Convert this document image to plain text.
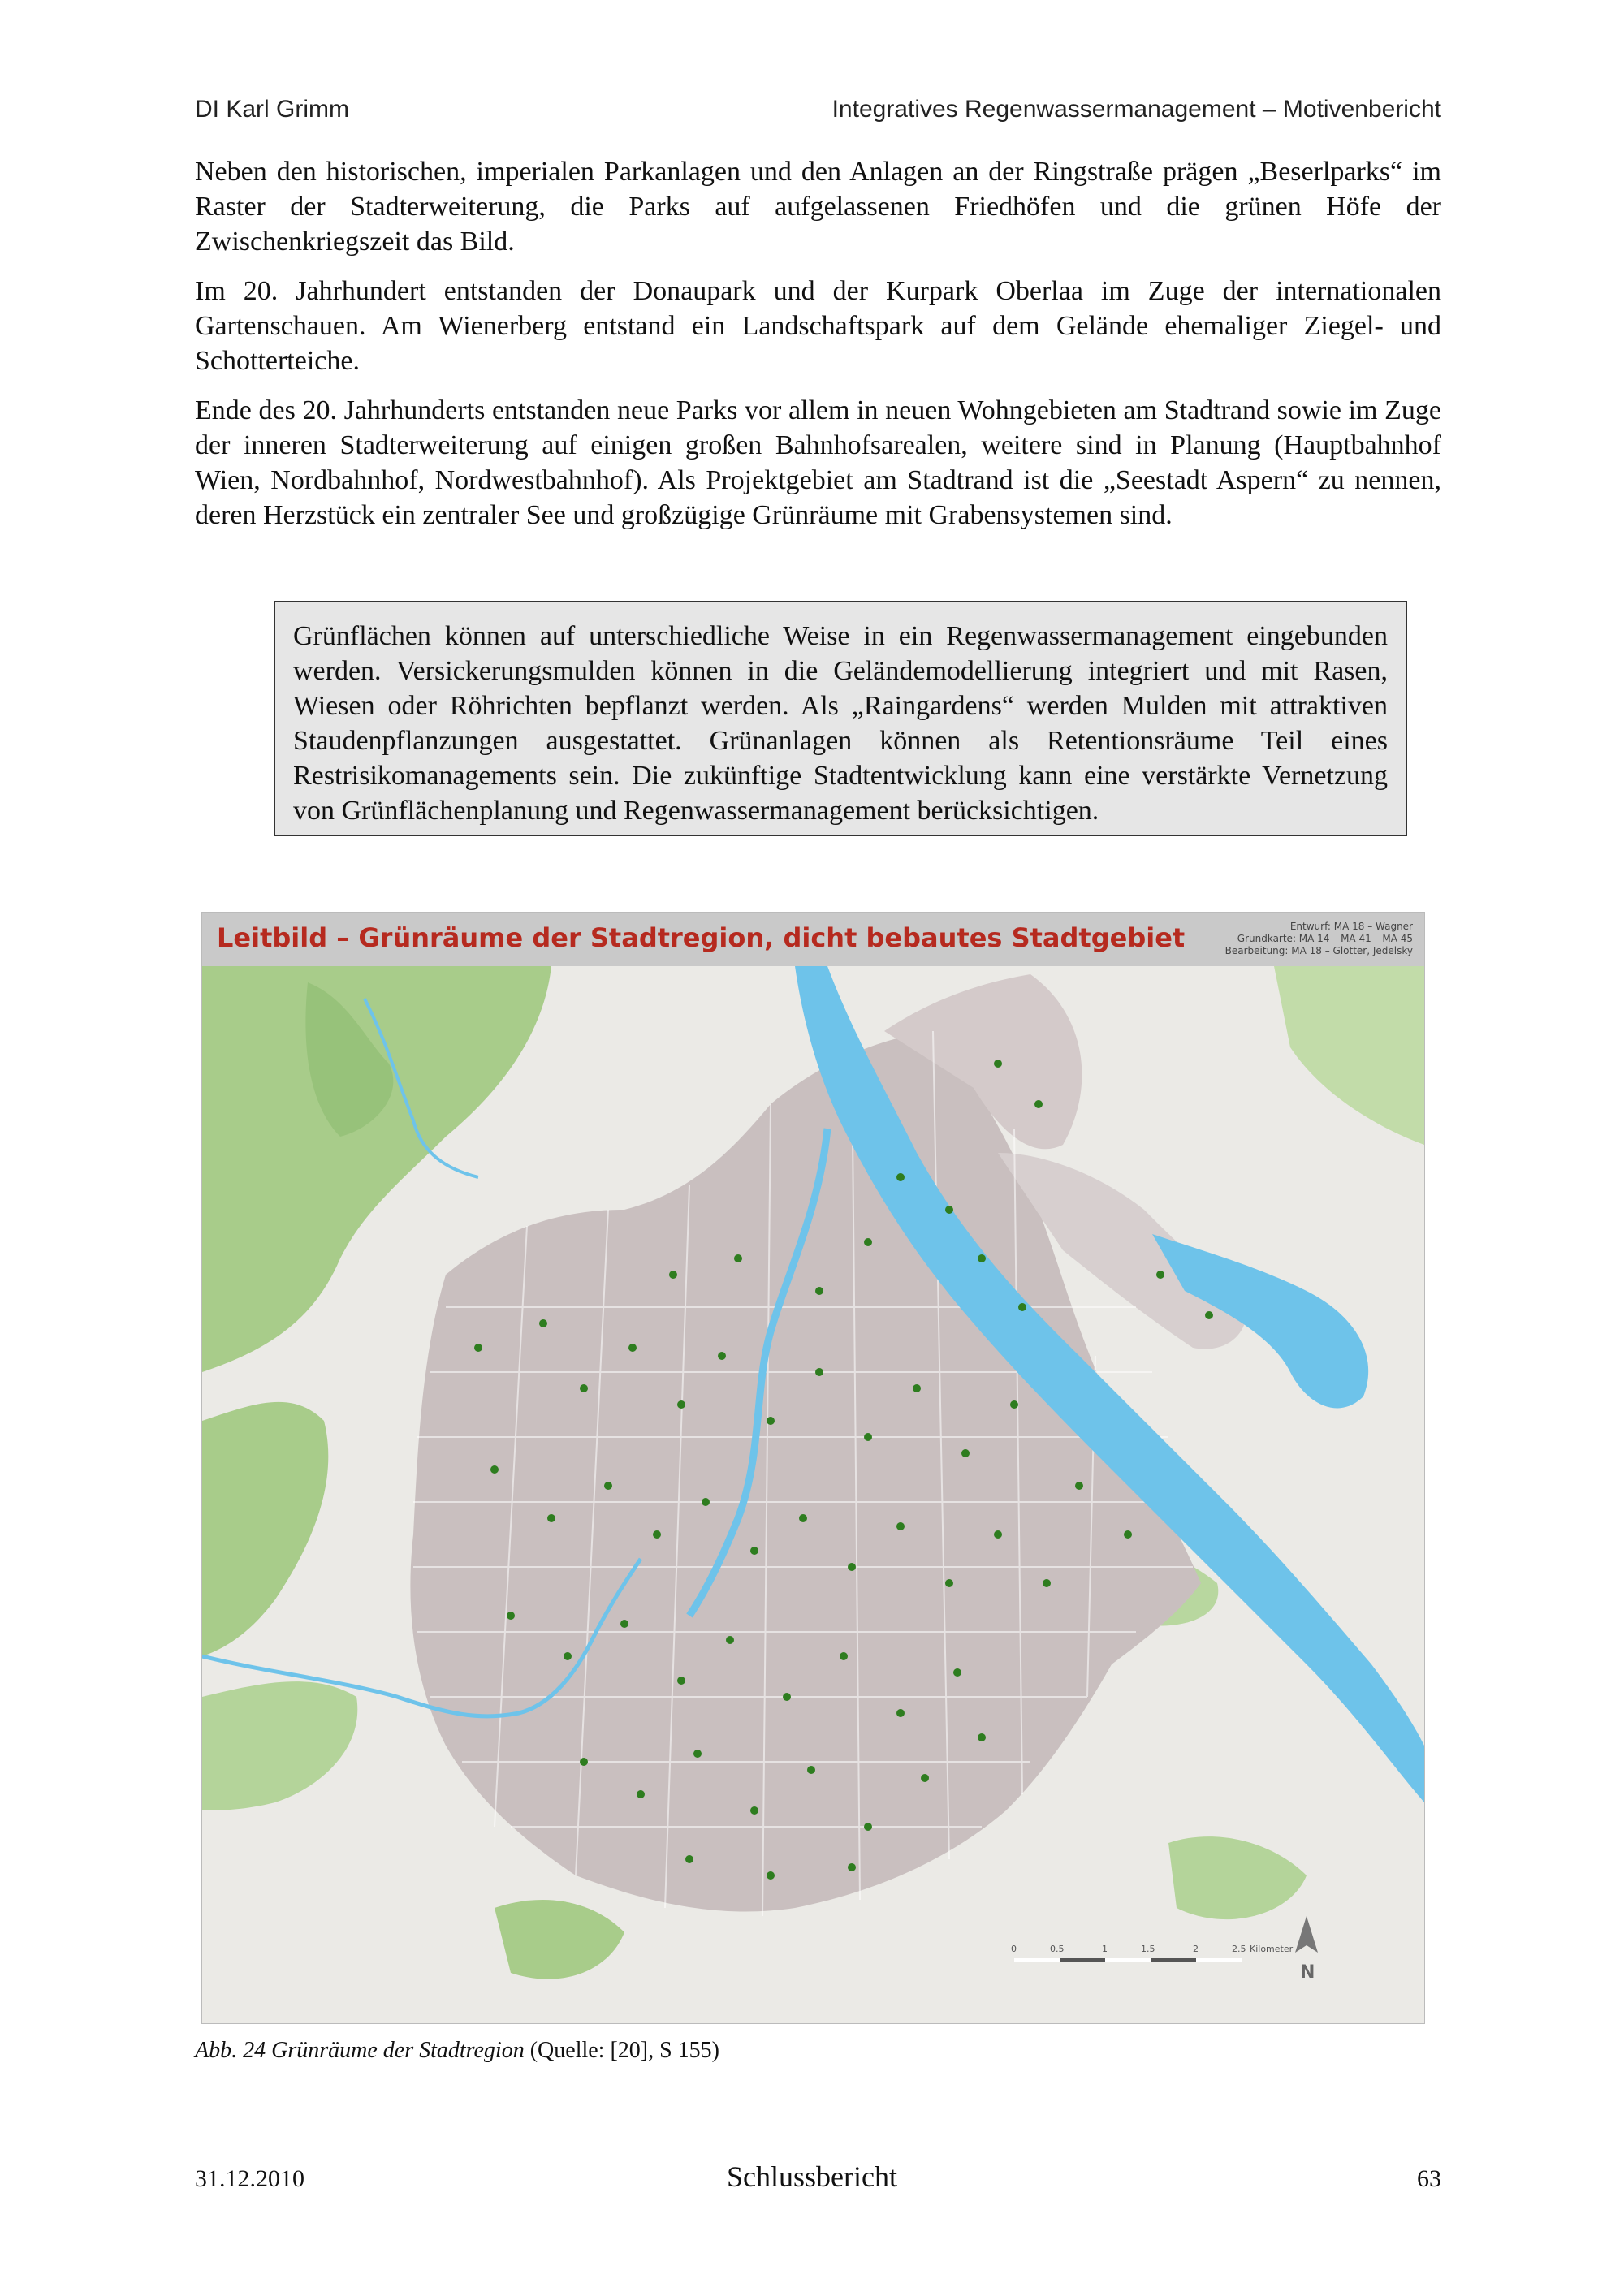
DI Karl Grimm	Integratives Regenwassermanagement – Motivenbericht

Neben den historischen, imperialen Parkanlagen und den Anlagen an der Ringstraße prägen „Beserlparks“ im Raster der Stadterweiterung, die Parks auf aufgelassenen Friedhöfen und die grünen Höfe der Zwischenkriegszeit das Bild.

Im 20. Jahrhundert entstanden der Donaupark und der Kurpark Oberlaa im Zuge der internationalen Gartenschauen. Am Wienerberg entstand ein Landschaftspark auf dem Gelände ehemaliger Ziegel- und Schotterteiche.

Ende des 20. Jahrhunderts entstanden neue Parks vor allem in neuen Wohngebieten am Stadtrand sowie im Zuge der inneren Stadterweiterung auf einigen großen Bahnhofsarealen, weitere sind in Planung (Hauptbahnhof Wien, Nordbahnhof, Nordwestbahnhof). Als Projektgebiet am Stadtrand ist die „Seestadt Aspern“ zu nennen, deren Herzstück ein zentraler See und großzügige Grünräume mit Grabensystemen sind.

Grünflächen können auf unterschiedliche Weise in ein Regenwassermanagement eingebunden werden. Versickerungsmulden können in die Geländemodellierung integriert und mit Rasen, Wiesen oder Röhrichten bepflanzt werden. Als „Raingardens“ werden Mulden mit attraktiven Staudenpflanzungen ausgestattet. Grünanlagen können als Retentionsräume Teil eines Restrisikomanagements sein. Die zukünftige Stadtentwicklung kann eine verstärkte Vernetzung von Grünflächenplanung und Regenwassermanagement berücksichtigen.
Leitbild – Grünräume der Stadtregion, dicht bebautes Stadtgebiet	Entwurf: MA 18 – Wagner
Grundkarte: MA 14 – MA 41 – MA 45
Bearbeitung: MA 18 – Glotter, Jedelsky
N
0	0.5	1	1.5	2	2.5 Kilometer
Abb. 24 Grünräume der Stadtregion (Quelle: [20], S 155)
31.12.2010	Schlussbericht	63
